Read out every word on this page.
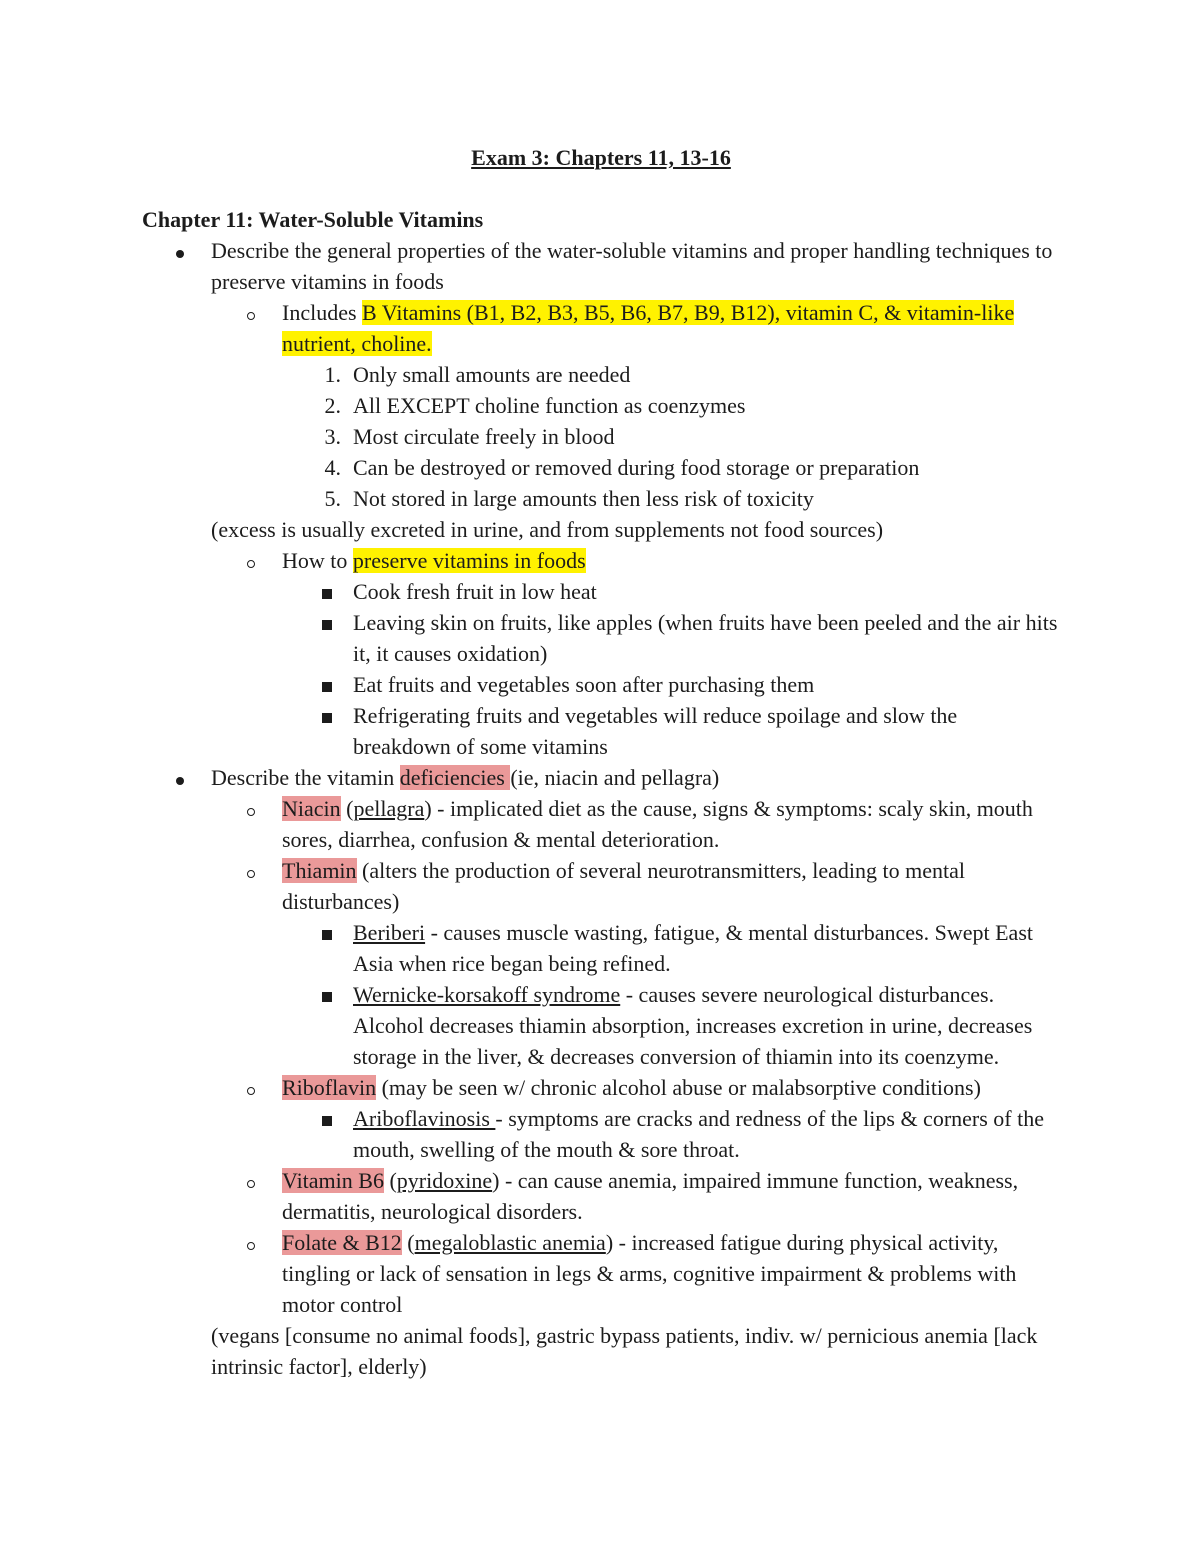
Exam 3: Chapters 11, 13-16

Chapter 11: Water-Soluble Vitamins

Describe the general properties of the water-soluble vitamins and proper handling techniques to preserve vitamins in foods
Includes B Vitamins (B1, B2, B3, B5, B6, B7, B9, B12), vitamin C, & vitamin-like nutrient, choline.
1. Only small amounts are needed
2. All EXCEPT choline function as coenzymes
3. Most circulate freely in blood
4. Can be destroyed or removed during food storage or preparation
5. Not stored in large amounts then less risk of toxicity
(excess is usually excreted in urine, and from supplements not food sources)
How to preserve vitamins in foods
Cook fresh fruit in low heat
Leaving skin on fruits, like apples (when fruits have been peeled and the air hits it, it causes oxidation)
Eat fruits and vegetables soon after purchasing them
Refrigerating fruits and vegetables will reduce spoilage and slow the breakdown of some vitamins
Describe the vitamin deficiencies (ie, niacin and pellagra)
Niacin (pellagra) - implicated diet as the cause, signs & symptoms: scaly skin, mouth sores, diarrhea, confusion & mental deterioration.
Thiamin (alters the production of several neurotransmitters, leading to mental disturbances)
Beriberi - causes muscle wasting, fatigue, & mental disturbances. Swept East Asia when rice began being refined.
Wernicke-korsakoff syndrome - causes severe neurological disturbances. Alcohol decreases thiamin absorption, increases excretion in urine, decreases storage in the liver, & decreases conversion of thiamin into its coenzyme.
Riboflavin (may be seen w/ chronic alcohol abuse or malabsorptive conditions)
Ariboflavinosis - symptoms are cracks and redness of the lips & corners of the mouth, swelling of the mouth & sore throat.
Vitamin B6 (pyridoxine) - can cause anemia, impaired immune function, weakness, dermatitis, neurological disorders.
Folate & B12 (megaloblastic anemia) - increased fatigue during physical activity, tingling or lack of sensation in legs & arms, cognitive impairment & problems with motor control
(vegans [consume no animal foods], gastric bypass patients, indiv. w/ pernicious anemia [lack intrinsic factor], elderly)
